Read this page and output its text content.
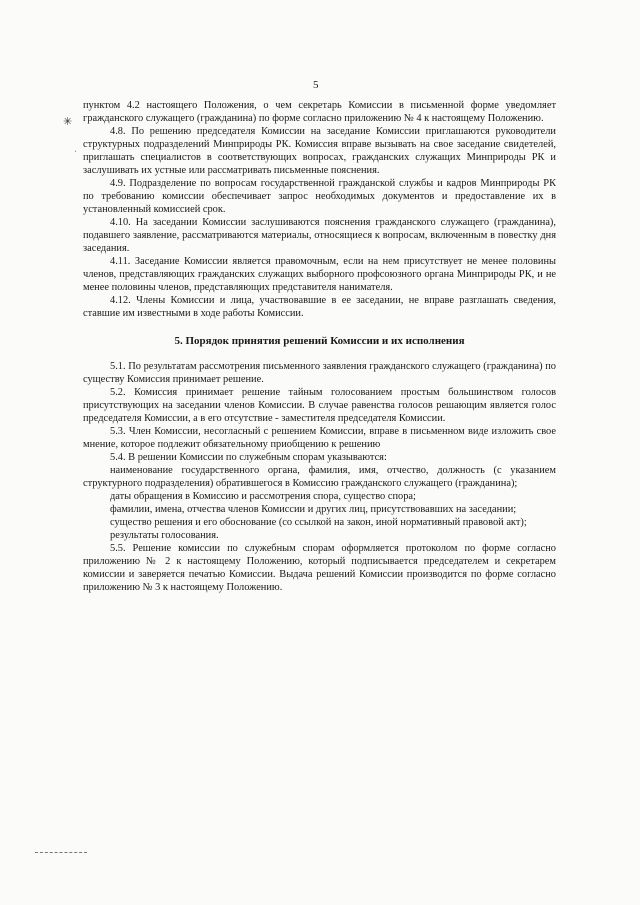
5
✳
ˈ

пунктом 4.2 настоящего Положения, о чем секретарь Комиссии в письменной форме уведомляет гражданского служащего (гражданина) по форме согласно приложению № 4 к настоящему Положению.

4.8. По решению председателя Комиссии на заседание Комиссии приглашаются руководители структурных подразделений Минприроды РК. Комиссия вправе вызывать на свое заседание свидетелей, приглашать специалистов в соответствующих вопросах, гражданских служащих Минприроды РК и заслушивать их устные или рассматривать письменные пояснения.

4.9. Подразделение по вопросам государственной гражданской службы и кадров Минприроды РК по требованию комиссии обеспечивает запрос необходимых документов и предоставление их в установленный комиссией срок.

4.10. На заседании Комиссии заслушиваются пояснения гражданского служащего (гражданина), подавшего заявление, рассматриваются материалы, относящиеся к вопросам, включенным в повестку дня заседания.

4.11. Заседание Комиссии является правомочным, если на нем присутствует не менее половины членов, представляющих гражданских служащих выборного профсоюзного органа Минприроды РК, и не менее половины членов, представляющих представителя нанимателя.

4.12. Члены Комиссии и лица, участвовавшие в ее заседании, не вправе разглашать сведения, ставшие им известными в ходе работы Комиссии.

5. Порядок принятия решений Комиссии и их исполнения

5.1. По результатам рассмотрения письменного заявления гражданского служащего (гражданина) по существу Комиссия принимает решение.

5.2. Комиссия принимает решение тайным голосованием простым большинством голосов присутствующих на заседании членов Комиссии. В случае равенства голосов решающим является голос председателя Комиссии, а в его отсутствие - заместителя председателя Комиссии.

5.3. Член Комиссии, несогласный с решением Комиссии, вправе в письменном виде изложить свое мнение, которое подлежит обязательному приобщению к решению

5.4. В решении Комиссии по служебным спорам указываются:

наименование государственного органа, фамилия, имя, отчество, должность (с указанием структурного подразделения) обратившегося в Комиссию гражданского служащего (гражданина);

даты обращения в Комиссию и рассмотрения спора, существо спора;

фамилии, имена, отчества членов Комиссии и других лиц, присутствовавших на заседании;

существо решения и его обоснование (со ссылкой на закон, иной нормативный правовой акт);

результаты голосования.

5.5. Решение комиссии по служебным спорам оформляется протоколом по форме согласно приложению № 2 к настоящему Положению, который подписывается председателем и секретарем комиссии и заверяется печатью Комиссии. Выдача решений Комиссии производится по форме согласно приложению № 3 к настоящему Положению.
